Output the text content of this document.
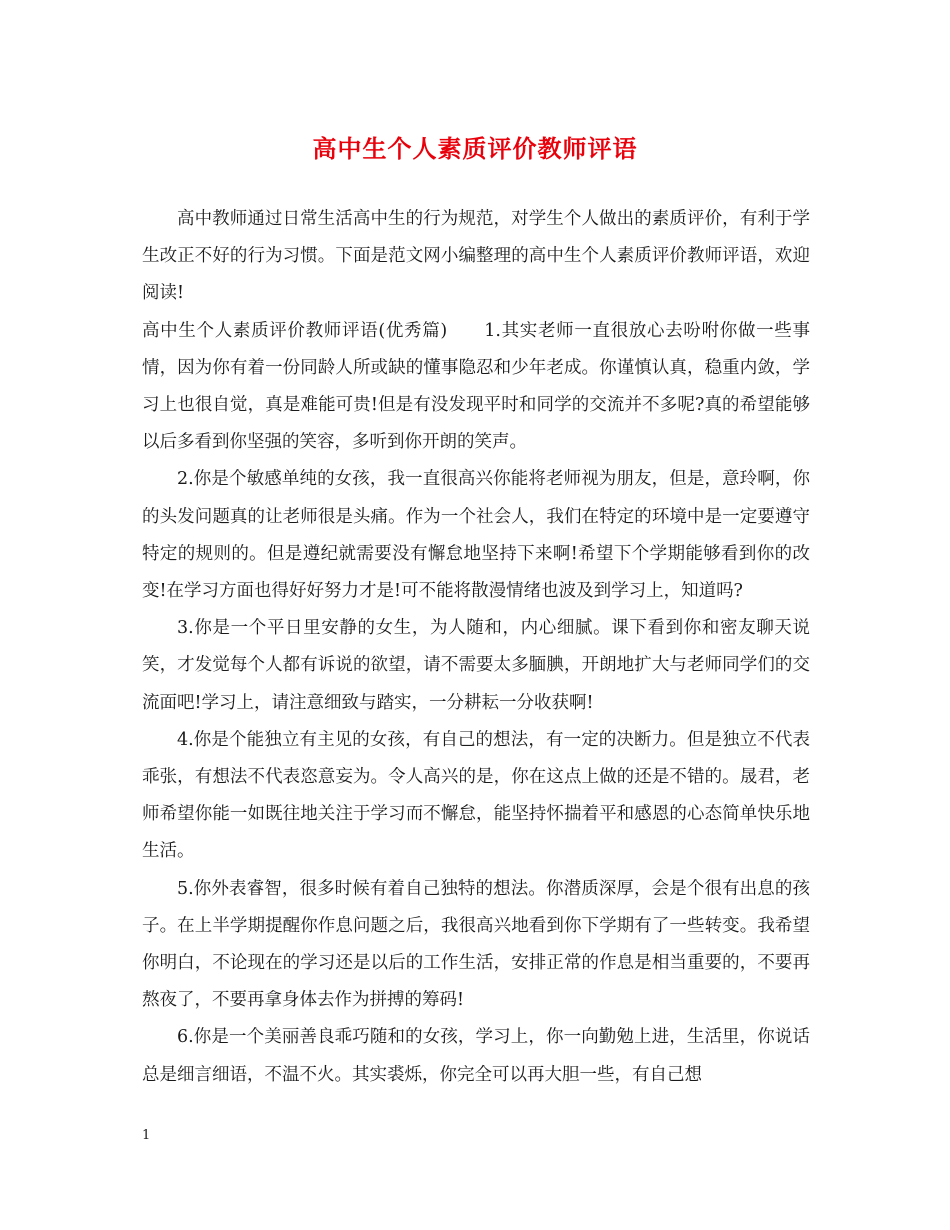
高中生个人素质评价教师评语

高中教师通过日常生活高中生的行为规范，对学生个人做出的素质评价，有利于学生改正不好的行为习惯。下面是范文网小编整理的高中生个人素质评价教师评语，欢迎阅读!

高中生个人素质评价教师评语(优秀篇)　　1.其实老师一直很放心去吩咐你做一些事情，因为你有着一份同龄人所或缺的懂事隐忍和少年老成。你谨慎认真，稳重内敛，学习上也很自觉，真是难能可贵!但是有没发现平时和同学的交流并不多呢?真的希望能够以后多看到你坚强的笑容，多听到你开朗的笑声。

2.你是个敏感单纯的女孩，我一直很高兴你能将老师视为朋友，但是，意玲啊，你的头发问题真的让老师很是头痛。作为一个社会人，我们在特定的环境中是一定要遵守特定的规则的。但是遵纪就需要没有懈怠地坚持下来啊!希望下个学期能够看到你的改变!在学习方面也得好好努力才是!可不能将散漫情绪也波及到学习上，知道吗?

3.你是一个平日里安静的女生，为人随和，内心细腻。课下看到你和密友聊天说笑，才发觉每个人都有诉说的欲望，请不需要太多腼腆，开朗地扩大与老师同学们的交流面吧!学习上，请注意细致与踏实，一分耕耘一分收获啊!

4.你是个能独立有主见的女孩，有自己的想法，有一定的决断力。但是独立不代表乖张，有想法不代表恣意妄为。令人高兴的是，你在这点上做的还是不错的。晟君，老师希望你能一如既往地关注于学习而不懈怠，能坚持怀揣着平和感恩的心态简单快乐地生活。

5.你外表睿智，很多时候有着自己独特的想法。你潜质深厚，会是个很有出息的孩子。在上半学期提醒你作息问题之后，我很高兴地看到你下学期有了一些转变。我希望你明白，不论现在的学习还是以后的工作生活，安排正常的作息是相当重要的，不要再熬夜了，不要再拿身体去作为拼搏的筹码!

6.你是一个美丽善良乖巧随和的女孩，学习上，你一向勤勉上进，生活里，你说话总是细言细语，不温不火。其实裘烁，你完全可以再大胆一些，有自己想

1
